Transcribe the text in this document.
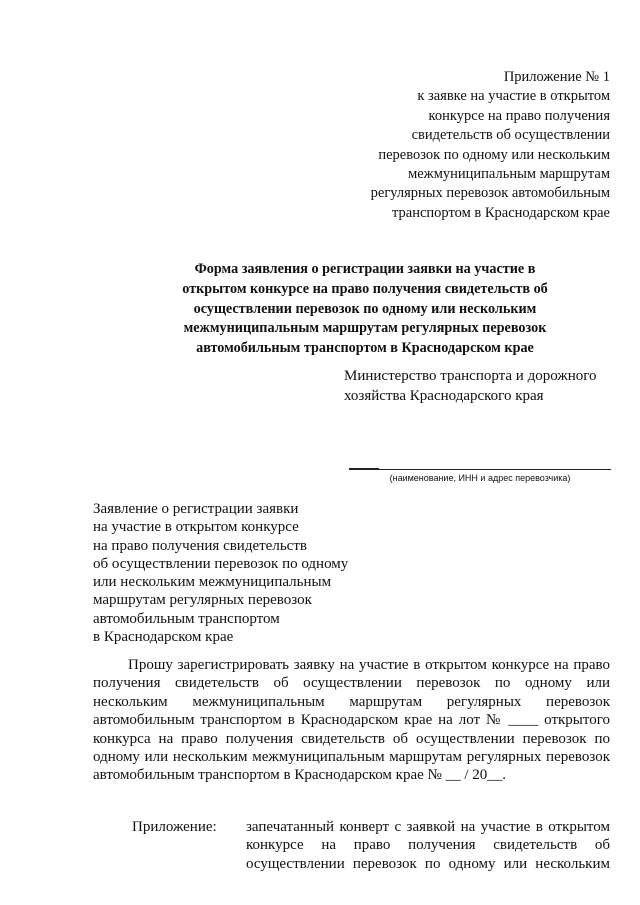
Приложение № 1
к заявке на участие в открытом
конкурсе на право получения
свидетельств об осуществлении
перевозок по одному или нескольким
межмуниципальным маршрутам
регулярных перевозок автомобильным
транспортом в Краснодарском крае
Форма заявления о регистрации заявки на участие в
открытом конкурсе на право получения свидетельств об
осуществлении перевозок по одному или нескольким
межмуниципальным маршрутам регулярных перевозок
автомобильным транспортом в Краснодарском крае
Министерство транспорта и дорожного
хозяйства Краснодарского края
(наименование, ИНН и адрес перевозчика)
Заявление о регистрации заявки
на участие в открытом конкурсе
на право получения свидетельств
об осуществлении перевозок по одному
или нескольким межмуниципальным
маршрутам регулярных перевозок
автомобильным транспортом
в Краснодарском крае
Прошу зарегистрировать заявку на участие в открытом конкурсе на право
получения свидетельств об осуществлении перевозок по одному или
нескольким межмуниципальным маршрутам регулярных перевозок
автомобильным транспортом в Краснодарском крае на лот № ____ открытого
конкурса на право получения свидетельств об осуществлении перевозок по
одному или нескольким межмуниципальным маршрутам регулярных перевозок
автомобильным транспортом в Краснодарском крае № __ / 20__.
Приложение: запечатанный конверт с заявкой на участие в открытом
конкурсе на право получения свидетельств об
осуществлении перевозок по одному или нескольким
